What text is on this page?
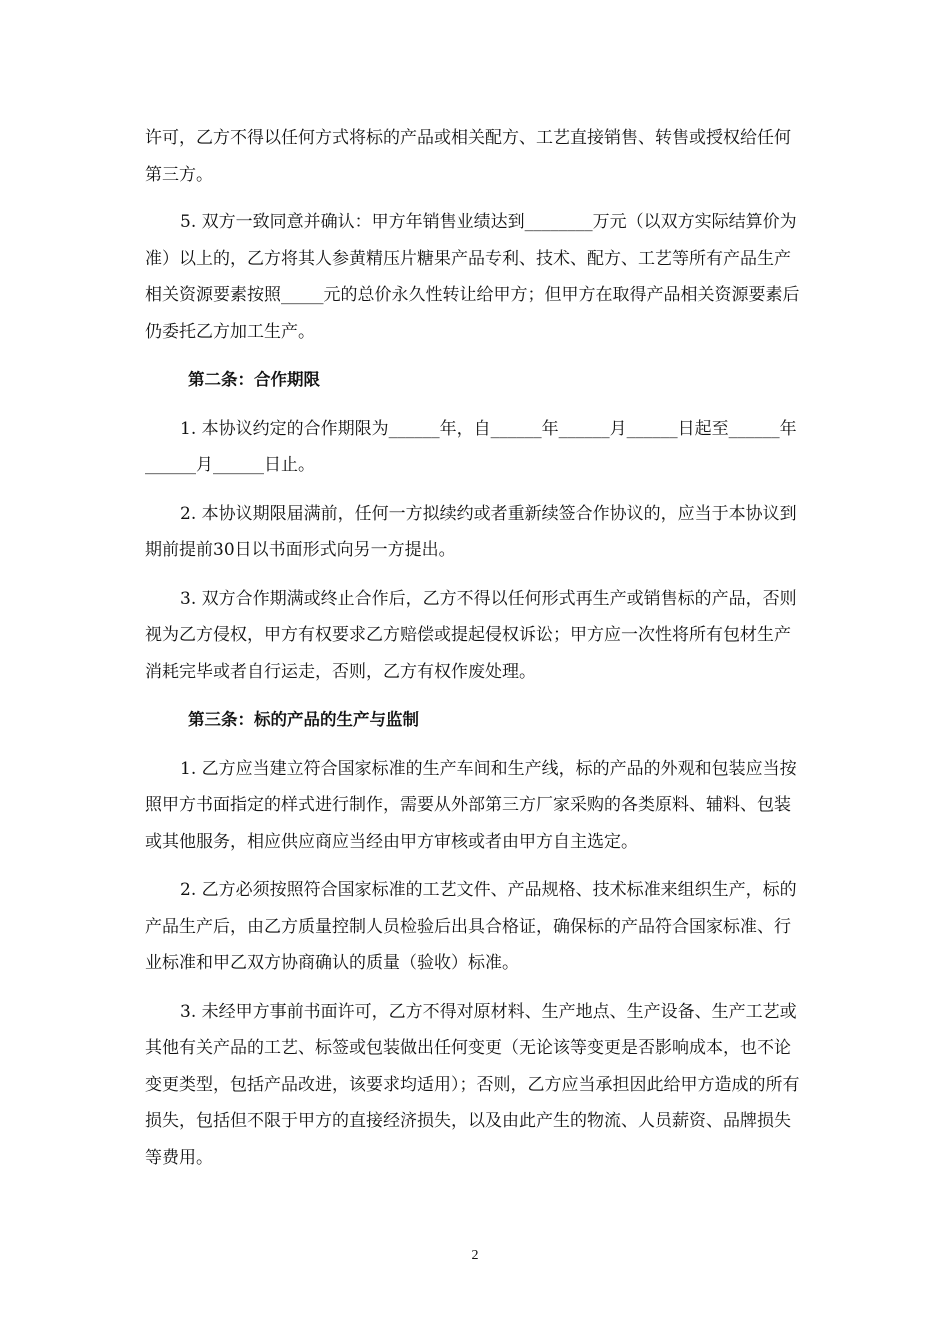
许可，乙方不得以任何方式将标的产品或相关配方、工艺直接销售、转售或授权给任何第三方。

5. 双方一致同意并确认：甲方年销售业绩达到________万元（以双方实际结算价为准）以上的，乙方将其人参黄精压片糖果产品专利、技术、配方、工艺等所有产品生产相关资源要素按照_____元的总价永久性转让给甲方；但甲方在取得产品相关资源要素后仍委托乙方加工生产。

第二条：合作期限

1. 本协议约定的合作期限为______年，自______年______月______日起至______年______月______日止。

2. 本协议期限届满前，任何一方拟续约或者重新续签合作协议的，应当于本协议到期前提前30日以书面形式向另一方提出。

3. 双方合作期满或终止合作后，乙方不得以任何形式再生产或销售标的产品，否则视为乙方侵权，甲方有权要求乙方赔偿或提起侵权诉讼；甲方应一次性将所有包材生产消耗完毕或者自行运走，否则，乙方有权作废处理。

第三条：标的产品的生产与监制

1. 乙方应当建立符合国家标准的生产车间和生产线，标的产品的外观和包装应当按照甲方书面指定的样式进行制作，需要从外部第三方厂家采购的各类原料、辅料、包装或其他服务，相应供应商应当经由甲方审核或者由甲方自主选定。

2. 乙方必须按照符合国家标准的工艺文件、产品规格、技术标准来组织生产，标的产品生产后，由乙方质量控制人员检验后出具合格证，确保标的产品符合国家标准、行业标准和甲乙双方协商确认的质量（验收）标准。

3. 未经甲方事前书面许可，乙方不得对原材料、生产地点、生产设备、生产工艺或其他有关产品的工艺、标签或包装做出任何变更（无论该等变更是否影响成本，也不论变更类型，包括产品改进，该要求均适用）；否则，乙方应当承担因此给甲方造成的所有损失，包括但不限于甲方的直接经济损失，以及由此产生的物流、人员薪资、品牌损失等费用。

2
